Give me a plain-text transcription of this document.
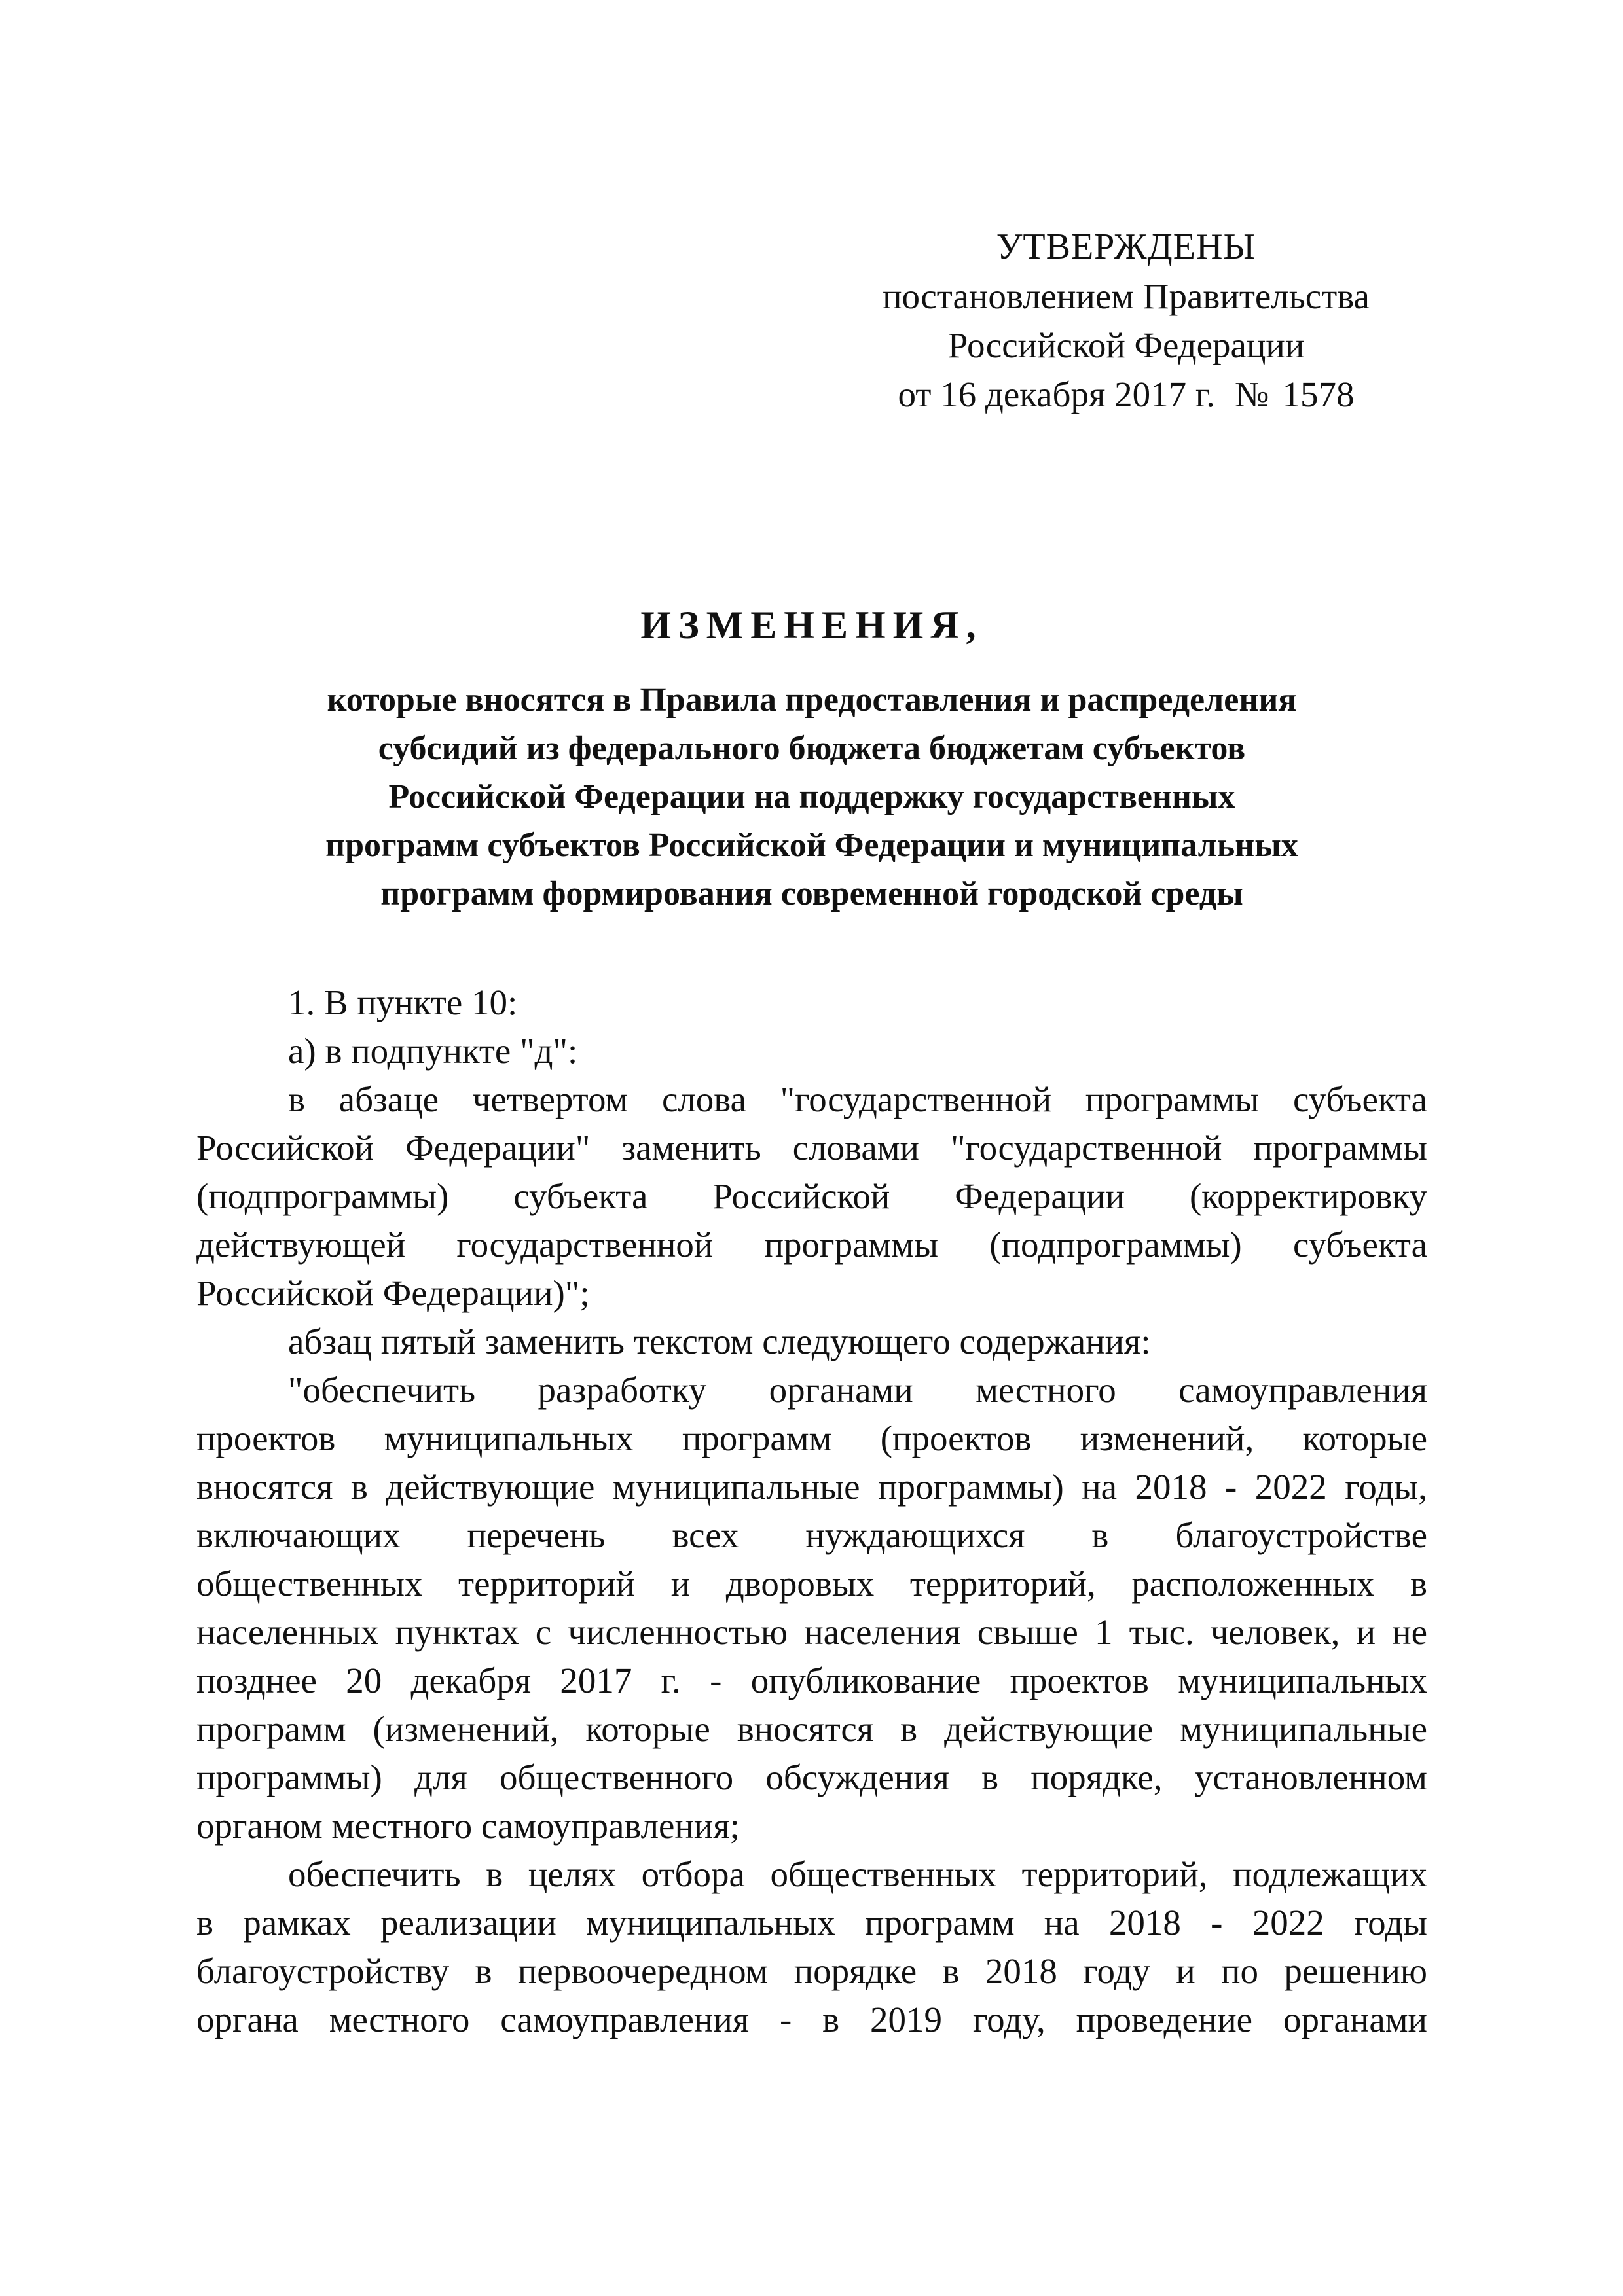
УТВЕРЖДЕНЫ
постановлением Правительства
Российской Федерации
от 16 декабря 2017 г. № 1578
ИЗМЕНЕНИЯ,
которые вносятся в Правила предоставления и распределения
субсидий из федерального бюджета бюджетам субъектов
Российской Федерации на поддержку государственных
программ субъектов Российской Федерации и муниципальных
программ формирования современной городской среды
1. В пункте 10:
а) в подпункте "д":
в абзаце четвертом слова "государственной программы субъекта
Российской Федерации" заменить словами "государственной программы
(подпрограммы) субъекта Российской Федерации (корректировку
действующей государственной программы (подпрограммы) субъекта
Российской Федерации)";
абзац пятый заменить текстом следующего содержания:
"обеспечить разработку органами местного самоуправления
проектов муниципальных программ (проектов изменений, которые
вносятся в действующие муниципальные программы) на 2018 - 2022 годы,
включающих перечень всех нуждающихся в благоустройстве
общественных территорий и дворовых территорий, расположенных в
населенных пунктах с численностью населения свыше 1 тыс. человек, и не
позднее 20 декабря 2017 г. - опубликование проектов муниципальных
программ (изменений, которые вносятся в действующие муниципальные
программы) для общественного обсуждения в порядке, установленном
органом местного самоуправления;
обеспечить в целях отбора общественных территорий, подлежащих
в рамках реализации муниципальных программ на 2018 - 2022 годы
благоустройству в первоочередном порядке в 2018 году и по решению
органа местного самоуправления - в 2019 году, проведение органами
